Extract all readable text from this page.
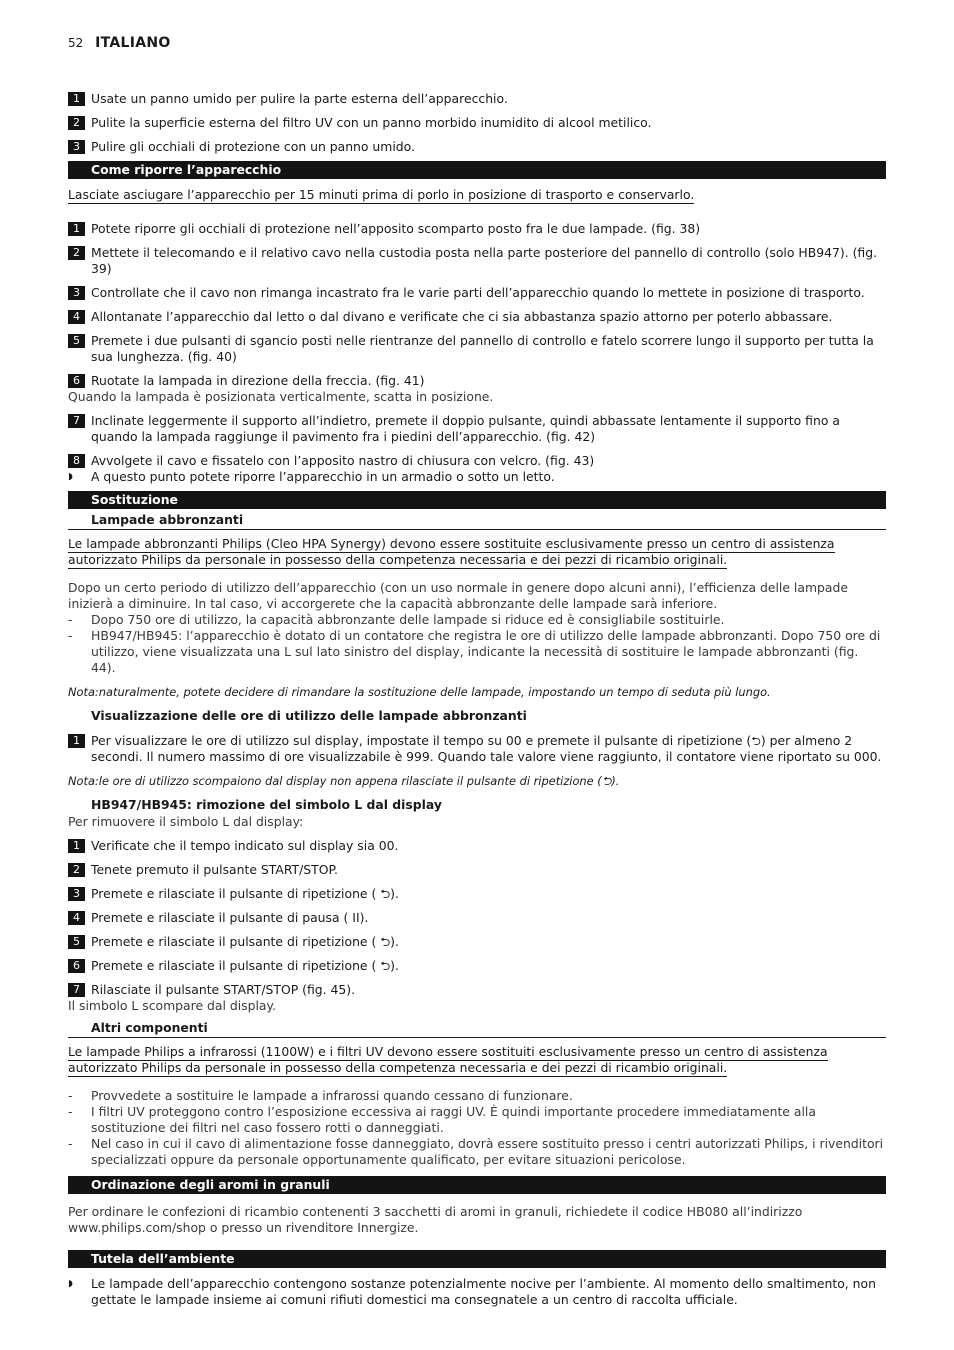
52 ITALIANO
1 Usate un panno umido per pulire la parte esterna dell’apparecchio.
2 Pulite la superficie esterna del filtro UV con un panno morbido inumidito di alcool metilico.
3 Pulire gli occhiali di protezione con un panno umido.
Come riporre l’apparecchio
Lasciate asciugare l’apparecchio per 15 minuti prima di porlo in posizione di trasporto e conservarlo.
1 Potete riporre gli occhiali di protezione nell’apposito scomparto posto fra le due lampade. (fig. 38)
2 Mettete il telecomando e il relativo cavo nella custodia posta nella parte posteriore del pannello di controllo (solo HB947). (fig. 39)
3 Controllate che il cavo non rimanga incastrato fra le varie parti dell’apparecchio quando lo mettete in posizione di trasporto.
4 Allontanate l’apparecchio dal letto o dal divano e verificate che ci sia abbastanza spazio attorno per poterlo abbassare.
5 Premete i due pulsanti di sgancio posti nelle rientranze del pannello di controllo e fatelo scorrere lungo il supporto per tutta la sua lunghezza. (fig. 40)
6 Ruotate la lampada in direzione della freccia. (fig. 41)
Quando la lampada è posizionata verticalmente, scatta in posizione.
7 Inclinate leggermente il supporto all’indietro, premete il doppio pulsante, quindi abbassate lentamente il supporto fino a quando la lampada raggiunge il pavimento fra i piedini dell’apparecchio. (fig. 42)
8 Avvolgete il cavo e fissatelo con l’apposito nastro di chiusura con velcro. (fig. 43)
◗	A questo punto potete riporre l’apparecchio in un armadio o sotto un letto.
Sostituzione
Lampade abbronzanti
Le lampade abbronzanti Philips (Cleo HPA Synergy) devono essere sostituite esclusivamente presso un centro di assistenza autorizzato Philips da personale in possesso della competenza necessaria e dei pezzi di ricambio originali.
Dopo un certo periodo di utilizzo dell’apparecchio (con un uso normale in genere dopo alcuni anni), l’efficienza delle lampade inizierà a diminuire. In tal caso, vi accorgerete che la capacità abbronzante delle lampade sarà inferiore.
-	Dopo 750 ore di utilizzo, la capacità abbronzante delle lampade si riduce ed è consigliabile sostituirle.
-	HB947/HB945: l’apparecchio è dotato di un contatore che registra le ore di utilizzo delle lampade abbronzanti. Dopo 750 ore di utilizzo, viene visualizzata una L sul lato sinistro del display, indicante la necessità di sostituire le lampade abbronzanti (fig. 44).
Nota:naturalmente, potete decidere di rimandare la sostituzione delle lampade, impostando un tempo di seduta più lungo.
Visualizzazione delle ore di utilizzo delle lampade abbronzanti
1 Per visualizzare le ore di utilizzo sul display, impostate il tempo su 00 e premete il pulsante di ripetizione (⮌) per almeno 2 secondi. Il numero massimo di ore visualizzabile è 999. Quando tale valore viene raggiunto, il contatore viene riportato su 000.
Nota:le ore di utilizzo scompaiono dal display non appena rilasciate il pulsante di ripetizione (⮌).
HB947/HB945: rimozione del simbolo L dal display
Per rimuovere il simbolo L dal display:
1 Verificate che il tempo indicato sul display sia 00.
2 Tenete premuto il pulsante START/STOP.
3 Premete e rilasciate il pulsante di ripetizione ( ⮌).
4 Premete e rilasciate il pulsante di pausa ( II).
5 Premete e rilasciate il pulsante di ripetizione ( ⮌).
6 Premete e rilasciate il pulsante di ripetizione ( ⮌).
7 Rilasciate il pulsante START/STOP (fig. 45).
Il simbolo L scompare dal display.
Altri componenti
Le lampade Philips a infrarossi (1100W) e i filtri UV devono essere sostituiti esclusivamente presso un centro di assistenza autorizzato Philips da personale in possesso della competenza necessaria e dei pezzi di ricambio originali.
-	Provvedete a sostituire le lampade a infrarossi quando cessano di funzionare.
-	I filtri UV proteggono contro l’esposizione eccessiva ai raggi UV. È quindi importante procedere immediatamente alla sostituzione dei filtri nel caso fossero rotti o danneggiati.
-	Nel caso in cui il cavo di alimentazione fosse danneggiato, dovrà essere sostituito presso i centri autorizzati Philips, i rivenditori specializzati oppure da personale opportunamente qualificato, per evitare situazioni pericolose.
Ordinazione degli aromi in granuli
Per ordinare le confezioni di ricambio contenenti 3 sacchetti di aromi in granuli, richiedete il codice HB080 all’indirizzo www.philips.com/shop o presso un rivenditore Innergize.
Tutela dell’ambiente
◗	Le lampade dell’apparecchio contengono sostanze potenzialmente nocive per l’ambiente. Al momento dello smaltimento, non gettate le lampade insieme ai comuni rifiuti domestici ma consegnatele a un centro di raccolta ufficiale.
